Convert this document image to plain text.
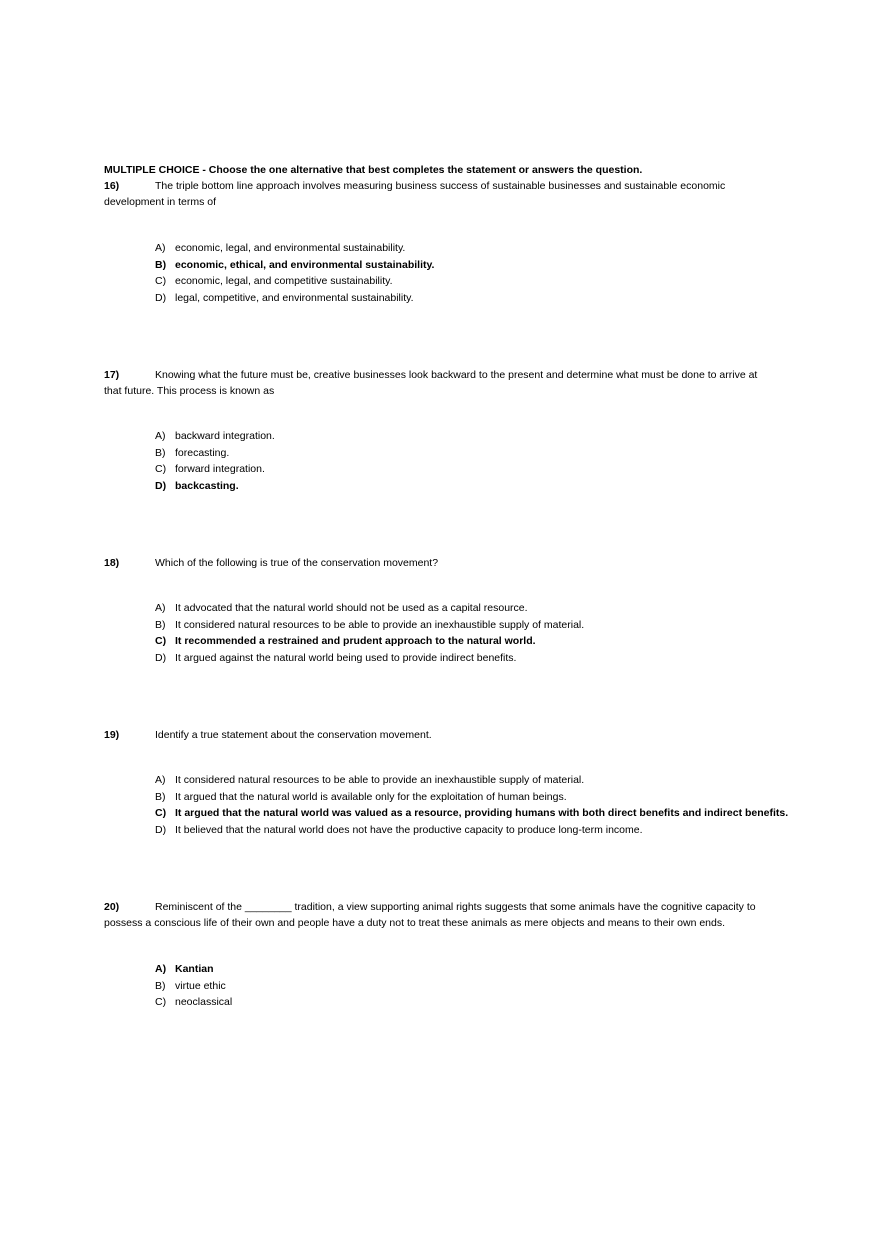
MULTIPLE CHOICE - Choose the one alternative that best completes the statement or answers the question.
16)	The triple bottom line approach involves measuring business success of sustainable businesses and sustainable economic development in terms of
A) economic, legal, and environmental sustainability.
B) economic, ethical, and environmental sustainability.
C) economic, legal, and competitive sustainability.
D) legal, competitive, and environmental sustainability.
17)	Knowing what the future must be, creative businesses look backward to the present and determine what must be done to arrive at that future. This process is known as
A) backward integration.
B) forecasting.
C) forward integration.
D) backcasting.
18)	Which of the following is true of the conservation movement?
A) It advocated that the natural world should not be used as a capital resource.
B) It considered natural resources to be able to provide an inexhaustible supply of material.
C) It recommended a restrained and prudent approach to the natural world.
D) It argued against the natural world being used to provide indirect benefits.
19)	Identify a true statement about the conservation movement.
A) It considered natural resources to be able to provide an inexhaustible supply of material.
B) It argued that the natural world is available only for the exploitation of human beings.
C) It argued that the natural world was valued as a resource, providing humans with both direct benefits and indirect benefits.
D) It believed that the natural world does not have the productive capacity to produce long-term income.
20)	Reminiscent of the ________ tradition, a view supporting animal rights suggests that some animals have the cognitive capacity to possess a conscious life of their own and people have a duty not to treat these animals as mere objects and means to their own ends.
A) Kantian
B) virtue ethic
C) neoclassical
